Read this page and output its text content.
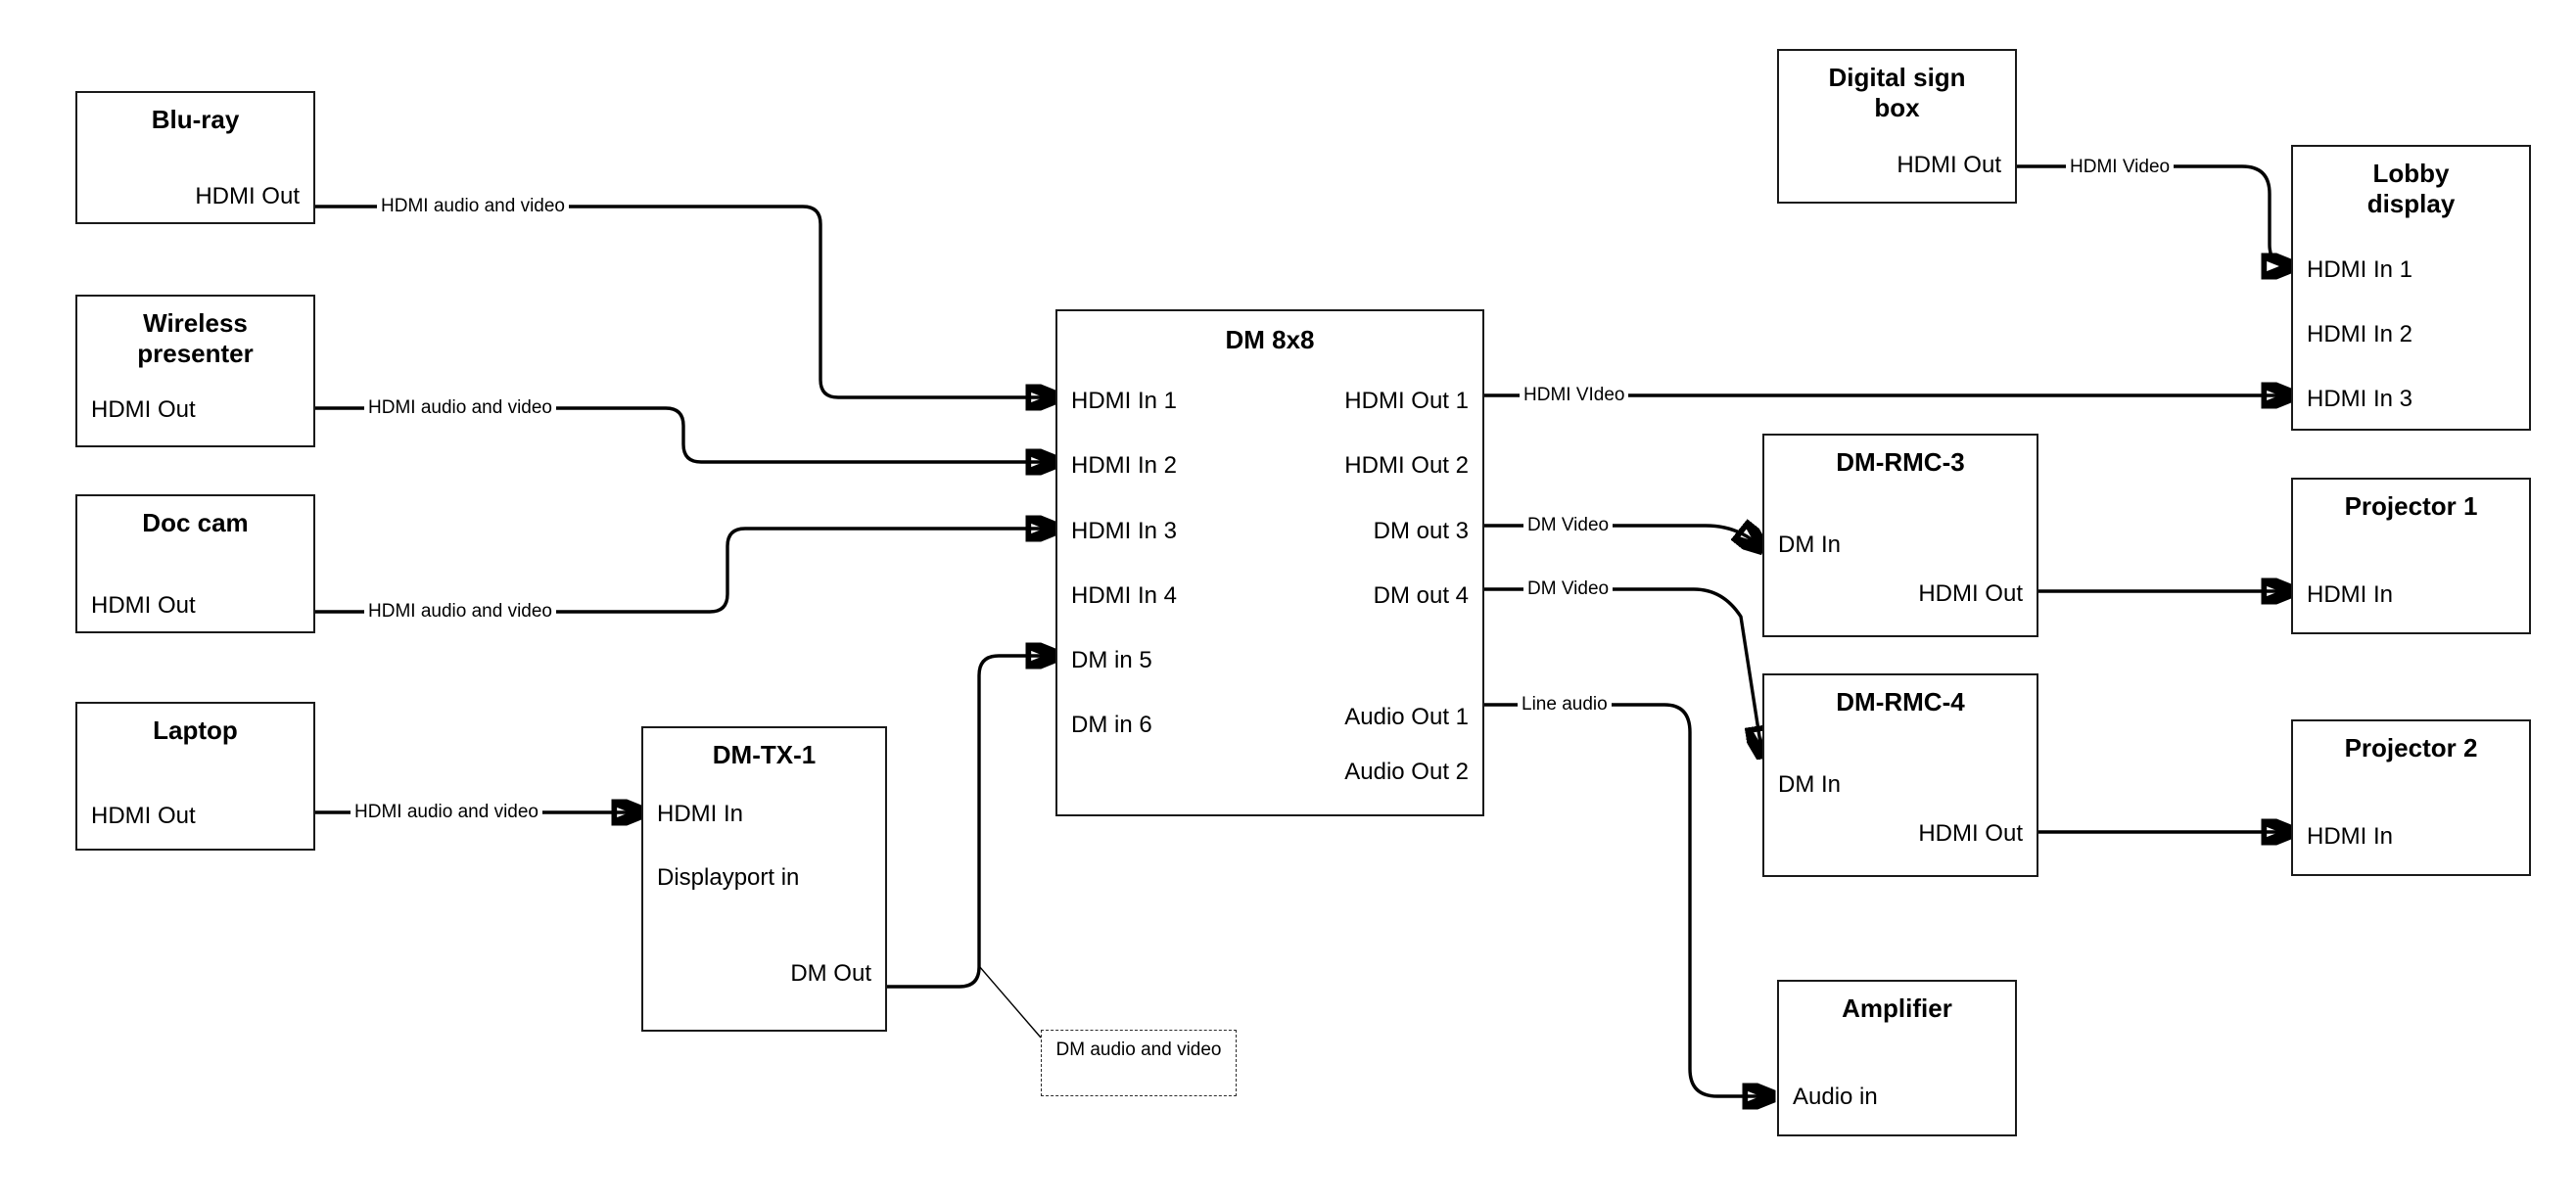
Blu-ray
HDMI Out
Wireless
presenter
HDMI Out
Doc cam
HDMI Out
Laptop
HDMI Out
DM-TX-1
HDMI In
Displayport in
DM Out
DM 8x8
HDMI In 1
HDMI In 2
HDMI In 3
HDMI In 4
DM in 5
DM in 6
HDMI Out 1
HDMI Out 2
DM out 3
DM out 4
Audio Out 1
Audio Out 2
Digital sign
box
HDMI Out	Lobby
display
HDMI In 1
HDMI In 2
HDMI In 3
DM-RMC-3
DM In
HDMI Out
DM-RMC-4
DM In
HDMI Out
Projector 1
HDMI In
Projector 2
HDMI In
Amplifier
Audio in
HDMI audio and video
HDMI audio and video
HDMI audio and video
HDMI audio and video
HDMI Video
HDMI VIdeo
DM Video
DM Video
Line audio
DM audio and video
